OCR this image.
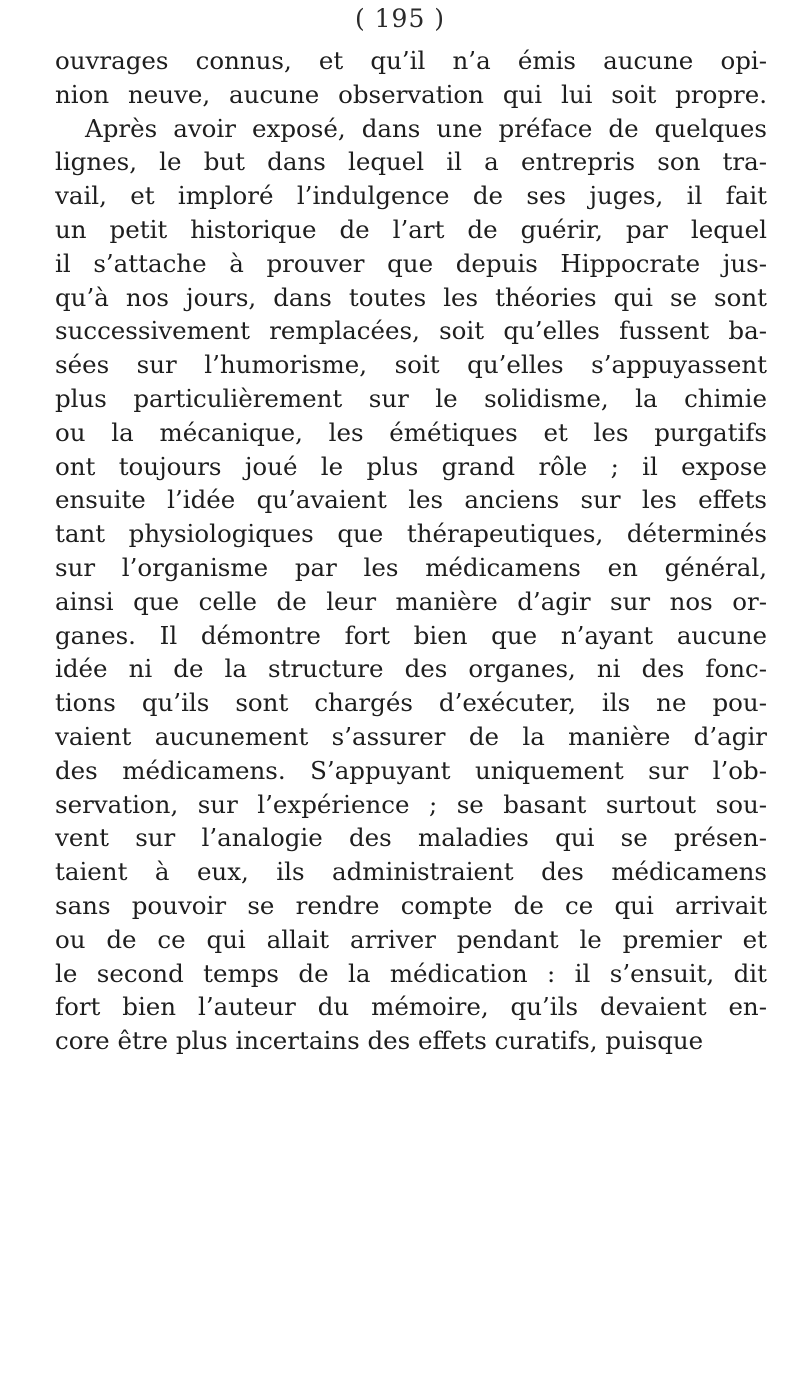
( 195 )
ouvrages connus, et qu’il n’a émis aucune opi-
nion neuve, aucune observation qui lui soit propre.
Après avoir exposé, dans une préface de quelques
lignes, le but dans lequel il a entrepris son tra-
vail, et imploré l’indulgence de ses juges, il fait
un petit historique de l’art de guérir, par lequel
il s’attache à prouver que depuis Hippocrate jus-
qu’à nos jours, dans toutes les théories qui se sont
successivement remplacées, soit qu’elles fussent ba-
sées sur l’humorisme, soit qu’elles s’appuyassent
plus particulièrement sur le solidisme, la chimie
ou la mécanique, les émétiques et les purgatifs
ont toujours joué le plus grand rôle ; il expose
ensuite l’idée qu’avaient les anciens sur les effets
tant physiologiques que thérapeutiques, déterminés
sur l’organisme par les médicamens en général,
ainsi que celle de leur manière d’agir sur nos or-
ganes. Il démontre fort bien que n’ayant aucune
idée ni de la structure des organes, ni des fonc-
tions qu’ils sont chargés d’exécuter, ils ne pou-
vaient aucunement s’assurer de la manière d’agir
des médicamens. S’appuyant uniquement sur l’ob-
servation, sur l’expérience ; se basant surtout sou-
vent sur l’analogie des maladies qui se présen-
taient à eux, ils administraient des médicamens
sans pouvoir se rendre compte de ce qui arrivait
ou de ce qui allait arriver pendant le premier et
le second temps de la médication : il s’ensuit, dit
fort bien l’auteur du mémoire, qu’ils devaient en-
core être plus incertains des effets curatifs, puisque
